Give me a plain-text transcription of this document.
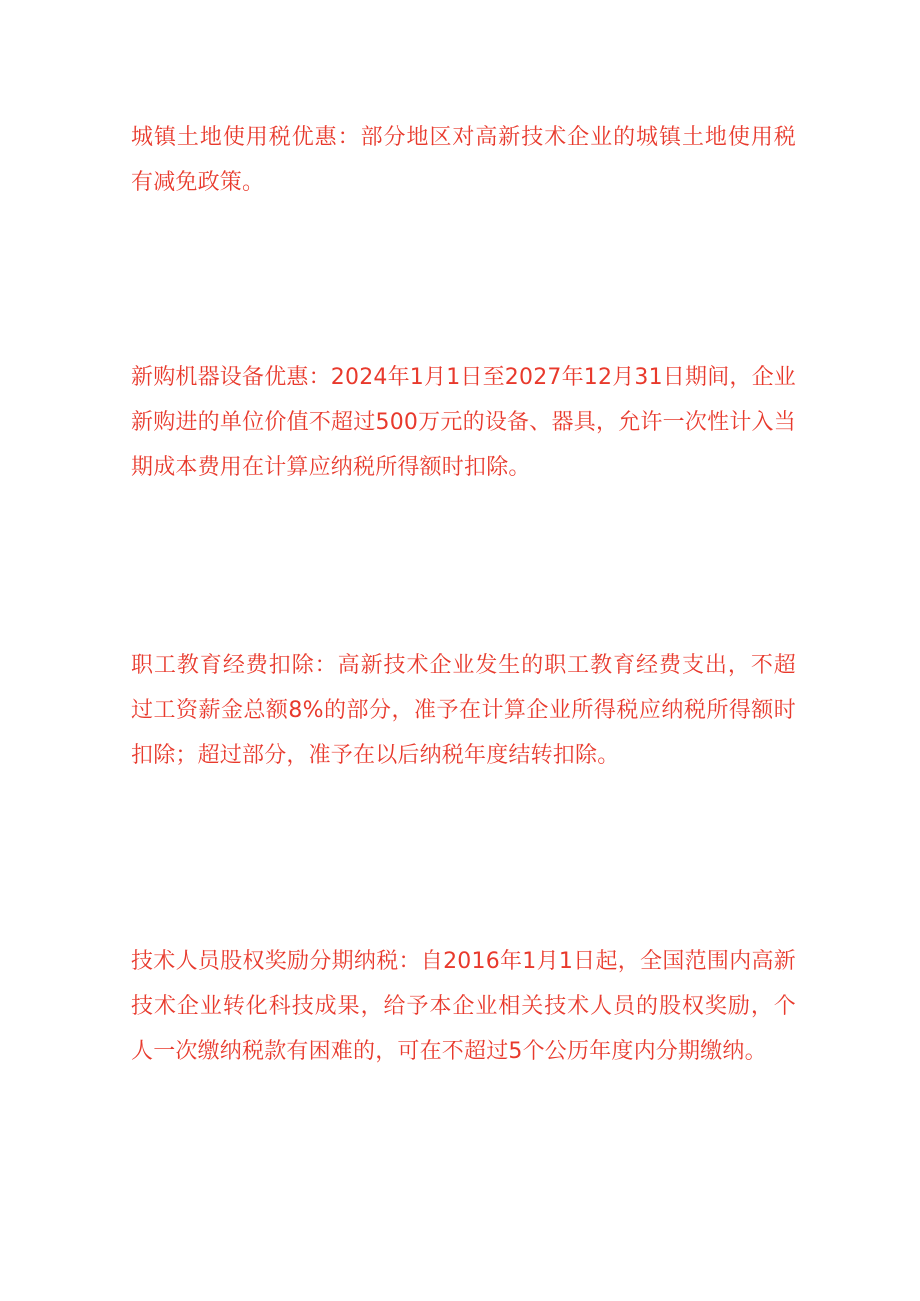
城镇土地使用税优惠：部分地区对高新技术企业的城镇土地使用税有减免政策。

新购机器设备优惠：2024年1月1日至2027年12月31日期间，企业新购进的单位价值不超过500万元的设备、器具，允许一次性计入当期成本费用在计算应纳税所得额时扣除。

职工教育经费扣除：高新技术企业发生的职工教育经费支出，不超过工资薪金总额8%的部分，准予在计算企业所得税应纳税所得额时扣除；超过部分，准予在以后纳税年度结转扣除。

技术人员股权奖励分期纳税：自2016年1月1日起，全国范围内高新技术企业转化科技成果，给予本企业相关技术人员的股权奖励，个人一次缴纳税款有困难的，可在不超过5个公历年度内分期缴纳。
